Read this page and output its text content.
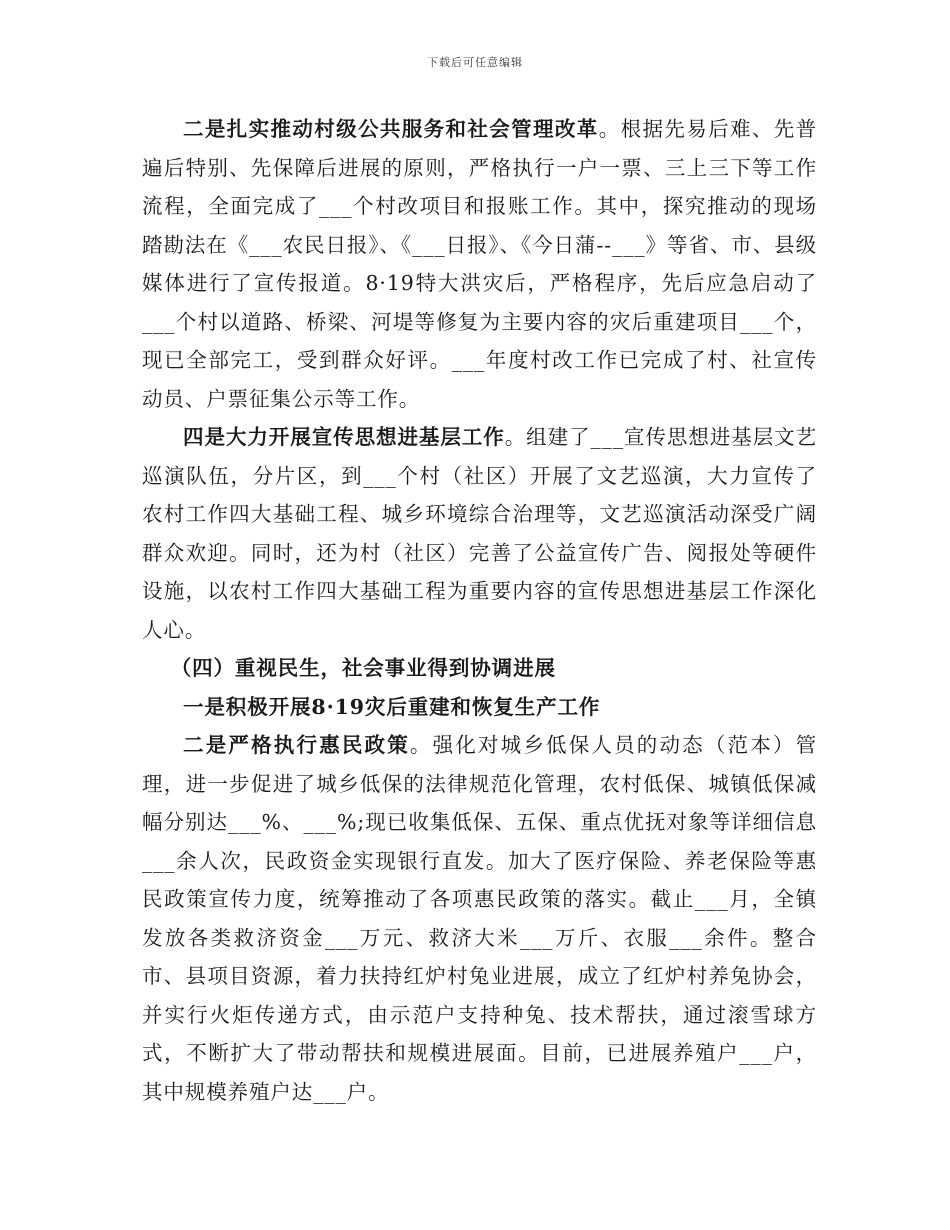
下载后可任意编辑

二是扎实推动村级公共服务和社会管理改革。根据先易后难、先普遍后特别、先保障后进展的原则，严格执行一户一票、三上三下等工作流程，全面完成了___个村改项目和报账工作。其中，探究推动的现场踏勘法在《___农民日报》、《___日报》、《今日蒲--___》等省、市、县级媒体进行了宣传报道。8·19特大洪灾后，严格程序，先后应急启动了___个村以道路、桥梁、河堤等修复为主要内容的灾后重建项目___个，现已全部完工，受到群众好评。___年度村改工作已完成了村、社宣传动员、户票征集公示等工作。

四是大力开展宣传思想进基层工作。组建了___宣传思想进基层文艺巡演队伍，分片区，到___个村（社区）开展了文艺巡演，大力宣传了农村工作四大基础工程、城乡环境综合治理等，文艺巡演活动深受广阔群众欢迎。同时，还为村（社区）完善了公益宣传广告、阅报处等硬件设施，以农村工作四大基础工程为重要内容的宣传思想进基层工作深化人心。

（四）重视民生，社会事业得到协调进展

一是积极开展8·19灾后重建和恢复生产工作

二是严格执行惠民政策。强化对城乡低保人员的动态（范本）管理，进一步促进了城乡低保的法律规范化管理，农村低保、城镇低保减幅分别达___%、___%;现已收集低保、五保、重点优抚对象等详细信息___余人次，民政资金实现银行直发。加大了医疗保险、养老保险等惠民政策宣传力度，统筹推动了各项惠民政策的落实。截止___月，全镇发放各类救济资金___万元、救济大米___万斤、衣服___余件。整合市、县项目资源，着力扶持红炉村兔业进展，成立了红炉村养兔协会，并实行火炬传递方式，由示范户支持种兔、技术帮扶，通过滚雪球方式，不断扩大了带动帮扶和规模进展面。目前，已进展养殖户___户，其中规模养殖户达___户。
